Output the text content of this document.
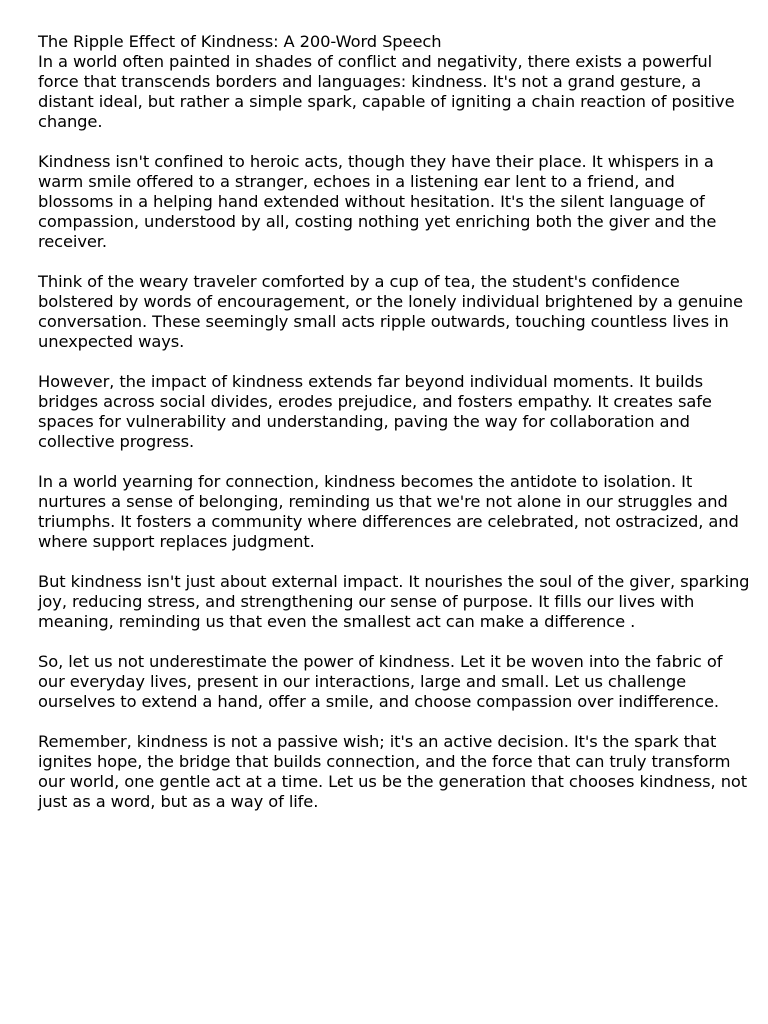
The Ripple Effect of Kindness: A 200-Word Speech

In a world often painted in shades of conflict and negativity, there exists a powerful force that transcends borders and languages: kindness. It's not a grand gesture, a distant ideal, but rather a simple spark, capable of igniting a chain reaction of positive change.

Kindness isn't confined to heroic acts, though they have their place. It whispers in a warm smile offered to a stranger, echoes in a listening ear lent to a friend, and blossoms in a helping hand extended without hesitation. It's the silent language of compassion, understood by all, costing nothing yet enriching both the giver and the receiver.

Think of the weary traveler comforted by a cup of tea, the student's confidence bolstered by words of encouragement, or the lonely individual brightened by a genuine conversation. These seemingly small acts ripple outwards, touching countless lives in unexpected ways.

However, the impact of kindness extends far beyond individual moments. It builds bridges across social divides, erodes prejudice, and fosters empathy. It creates safe spaces for vulnerability and understanding, paving the way for collaboration and collective progress.

In a world yearning for connection, kindness becomes the antidote to isolation. It nurtures a sense of belonging, reminding us that we're not alone in our struggles and triumphs. It fosters a community where differences are celebrated, not ostracized, and where support replaces judgment.

But kindness isn't just about external impact. It nourishes the soul of the giver, sparking joy, reducing stress, and strengthening our sense of purpose. It fills our lives with meaning, reminding us that even the smallest act can make a difference .

So, let us not underestimate the power of kindness. Let it be woven into the fabric of our everyday lives, present in our interactions, large and small. Let us challenge ourselves to extend a hand, offer a smile, and choose compassion over indifference.

Remember, kindness is not a passive wish; it's an active decision. It's the spark that ignites hope, the bridge that builds connection, and the force that can truly transform our world, one gentle act at a time. Let us be the generation that chooses kindness, not just as a word, but as a way of life.
